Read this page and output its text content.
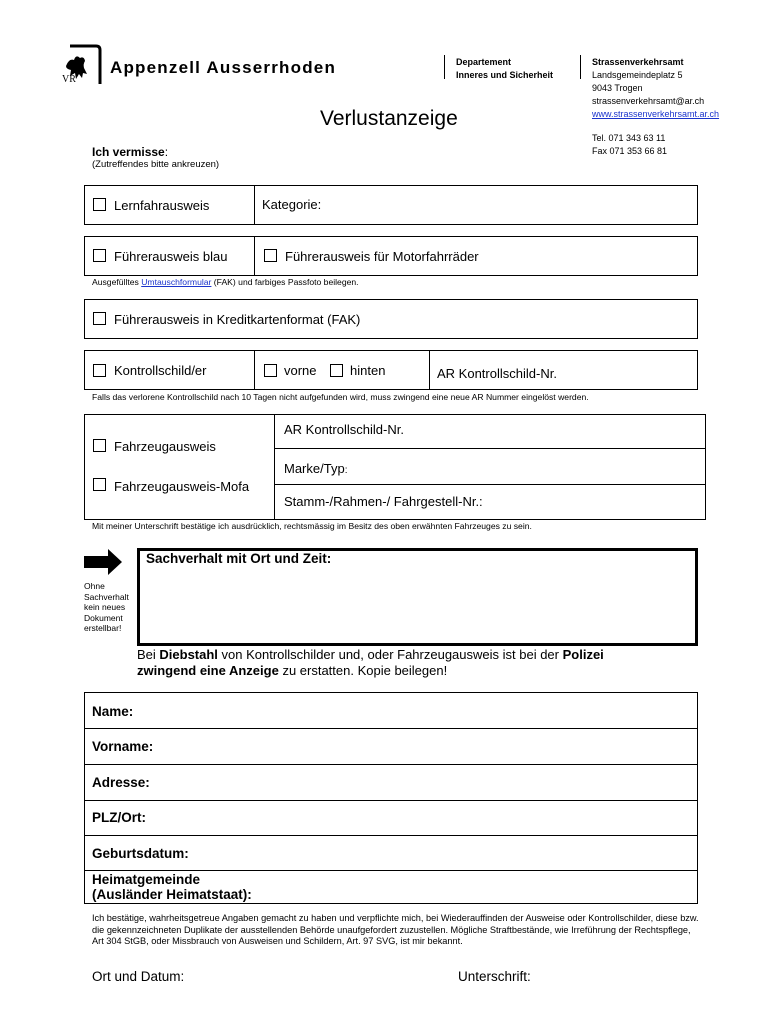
VR
Appenzell Ausserrhoden	Departement
Inneres und Sicherheit
Strassenverkehrsamt
Landsgemeindeplatz 5
9043 Trogen
strassenverkehrsamt@ar.ch
www.strassenverkehrsamt.ar.ch
Tel. 071 343 63 11
Fax 071 353 66 81
Verlustanzeige
Ich vermisse:
(Zutreffendes bitte ankreuzen)
Lernfahrausweis	Kategorie:
Führerausweis blau	Führerausweis für Motorfahrräder
Ausgefülltes Umtauschformular (FAK) und farbiges Passfoto beilegen.
Führerausweis in Kreditkartenformat (FAK)
Kontrollschild/er	vorne	hinten	AR Kontrollschild-Nr.
Falls das verlorene Kontrollschild nach 10 Tagen nicht aufgefunden wird, muss zwingend eine neue AR Nummer eingelöst werden.
Fahrzeugausweis
Fahrzeugausweis-Mofa
AR Kontrollschild-Nr.
Marke/Typ:
Stamm-/Rahmen-/ Fahrgestell-Nr.:
Mit meiner Unterschrift bestätige ich ausdrücklich, rechtsmässig im Besitz des oben erwähnten Fahrzeuges zu sein.
Ohne
Sachverhalt
kein neues
Dokument
erstellbar!
Sachverhalt mit Ort und Zeit:
Bei Diebstahl von Kontrollschilder und, oder Fahrzeugausweis ist bei der Polizei
zwingend eine Anzeige zu erstatten. Kopie beilegen!
Name:
Vorname:
Adresse:
PLZ/Ort:
Geburtsdatum:
Heimatgemeinde
(Ausländer Heimatstaat):
Ich bestätige, wahrheitsgetreue Angaben gemacht zu haben und verpflichte mich, bei Wiederauffinden der Ausweise oder Kontrollschilder, diese bzw. die gekennzeichneten Duplikate der ausstellenden Behörde unaufgefordert zuzustellen. Mögliche Straftbestände, wie Irreführung der Rechtspflege, Art 304 StGB, oder Missbrauch von Ausweisen und Schildern, Art. 97 SVG, ist mir bekannt.
Ort und Datum:	Unterschrift:
